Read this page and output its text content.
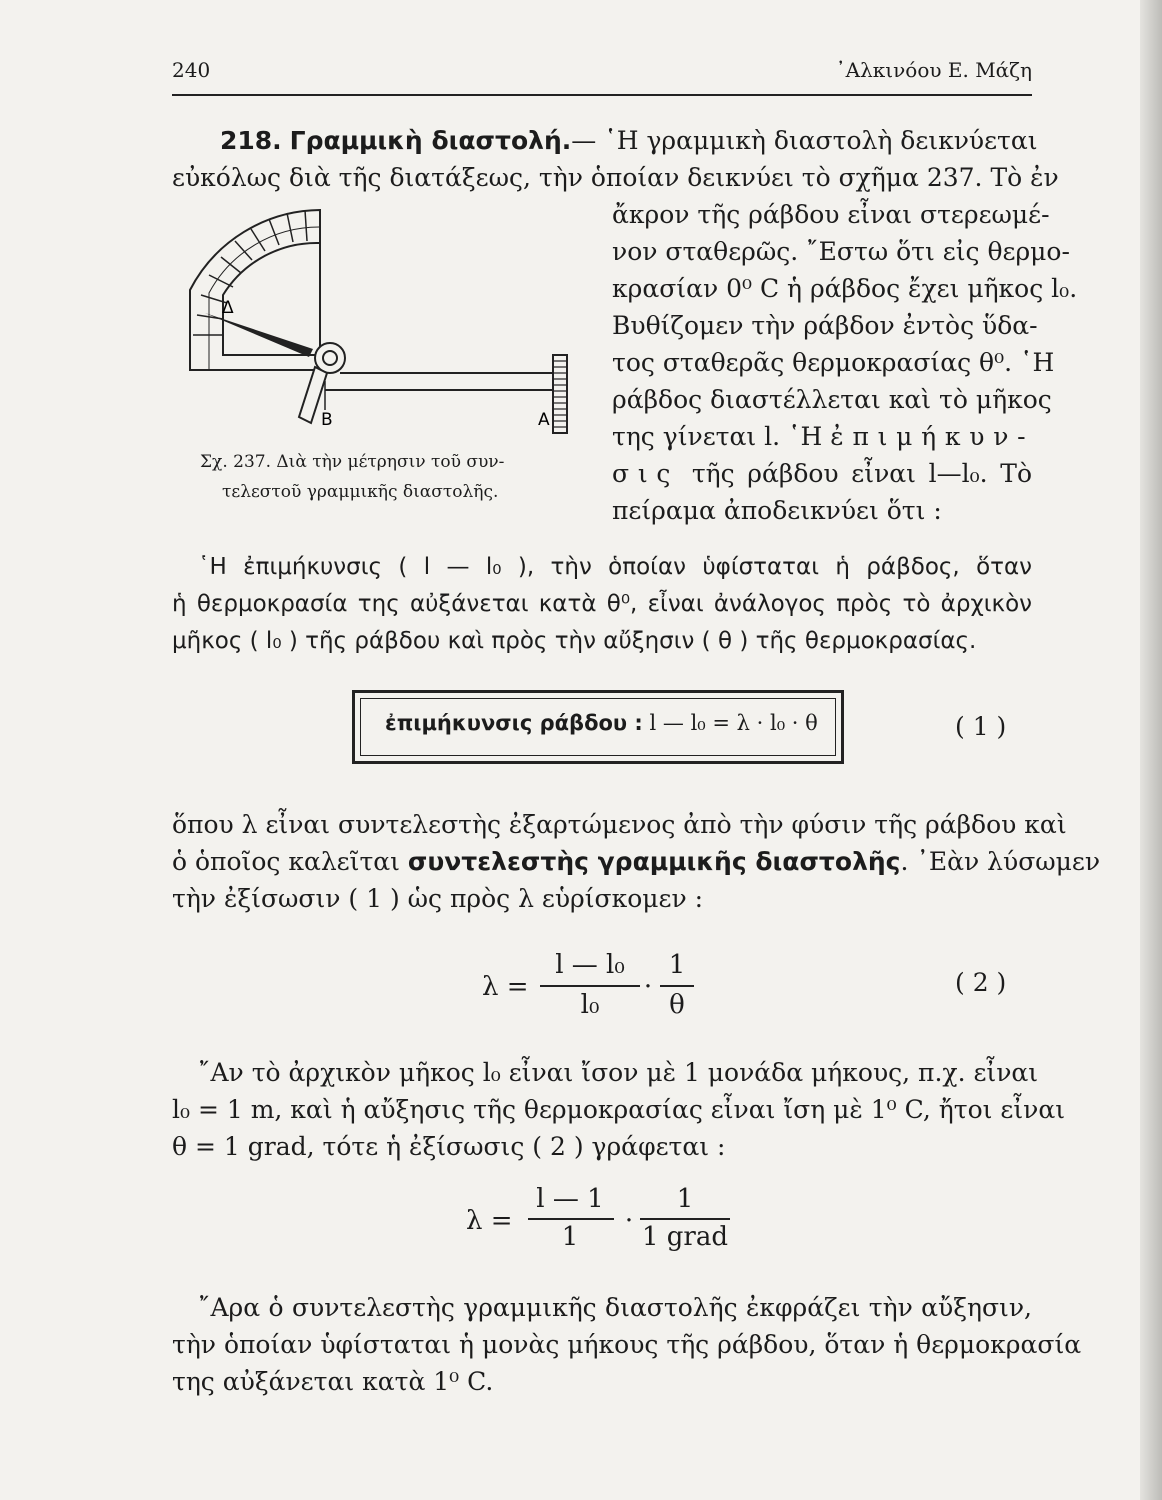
240	᾿Αλκινόου Ε. Μάζη
218. Γραμμικὴ διαστολή.— ῾Η γραμμικὴ διαστολὴ δεικνύεται
εὐκόλως διὰ τῆς διατάξεως, τὴν ὁποίαν δεικνύει τὸ σχῆμα 237. Τὸ ἐν
ἄκρον τῆς ράβδου εἶναι στερεωμέ-
νον σταθερῶς. ῎Εστω ὅτι εἰς θερμο-
κρασίαν 0⁰ C ἡ ράβδος ἔχει μῆκος l₀.
Βυθίζομεν τὴν ράβδον ἐντὸς ὕδα-
τος σταθερᾶς θερμοκρασίας θ⁰. ῾Η
ράβδος διαστέλλεται καὶ τὸ μῆκος
της γίνεται l. ῾Η ἐπιμήκυν-
σις τῆς ράβδου εἶναι l—l₀. Τὸ
πείραμα ἀποδεικνύει ὅτι :
Δ
Β	Α
Σχ. 237. Διὰ τὴν μέτρησιν τοῦ συν-
τελεστοῦ γραμμικῆς διαστολῆς.
῾Η ἐπιμήκυνσις ( l — l₀ ), τὴν ὁποίαν ὑφίσταται ἡ ράβδος, ὅταν
ἡ θερμοκρασία της αὐξάνεται κατὰ θ⁰, εἶναι ἀνάλογος πρὸς τὸ ἀρχικὸν
μῆκος ( l₀ ) τῆς ράβδου καὶ πρὸς τὴν αὔξησιν ( θ ) τῆς θερμοκρασίας.
ἐπιμήκυνσις ράβδου : l — l₀ = λ · l₀ · θ	( 1 )
ὅπου λ εἶναι συντελεστὴς ἐξαρτώμενος ἀπὸ τὴν φύσιν τῆς ράβδου καὶ
ὁ ὁποῖος καλεῖται συντελεστὴς γραμμικῆς διαστολῆς. ᾿Εὰν λύσωμεν
τὴν ἐξίσωσιν ( 1 ) ὡς πρὸς λ εὑρίσκομεν :
λ =
l — l₀
l₀
·
1
θ
( 2 )
῎Αν τὸ ἀρχικὸν μῆκος l₀ εἶναι ἴσον μὲ 1 μονάδα μήκους, π.χ. εἶναι
l₀ = 1 m, καὶ ἡ αὔξησις τῆς θερμοκρασίας εἶναι ἴση μὲ 1⁰ C, ἤτοι εἶναι
θ = 1 grad, τότε ἡ ἐξίσωσις ( 2 ) γράφεται :
λ =
l — 1
1
·
1
1 grad
῎Αρα ὁ συντελεστὴς γραμμικῆς διαστολῆς ἐκφράζει τὴν αὔξησιν,
τὴν ὁποίαν ὑφίσταται ἡ μονὰς μήκους τῆς ράβδου, ὅταν ἡ θερμοκρασία
της αὐξάνεται κατὰ 1⁰ C.
